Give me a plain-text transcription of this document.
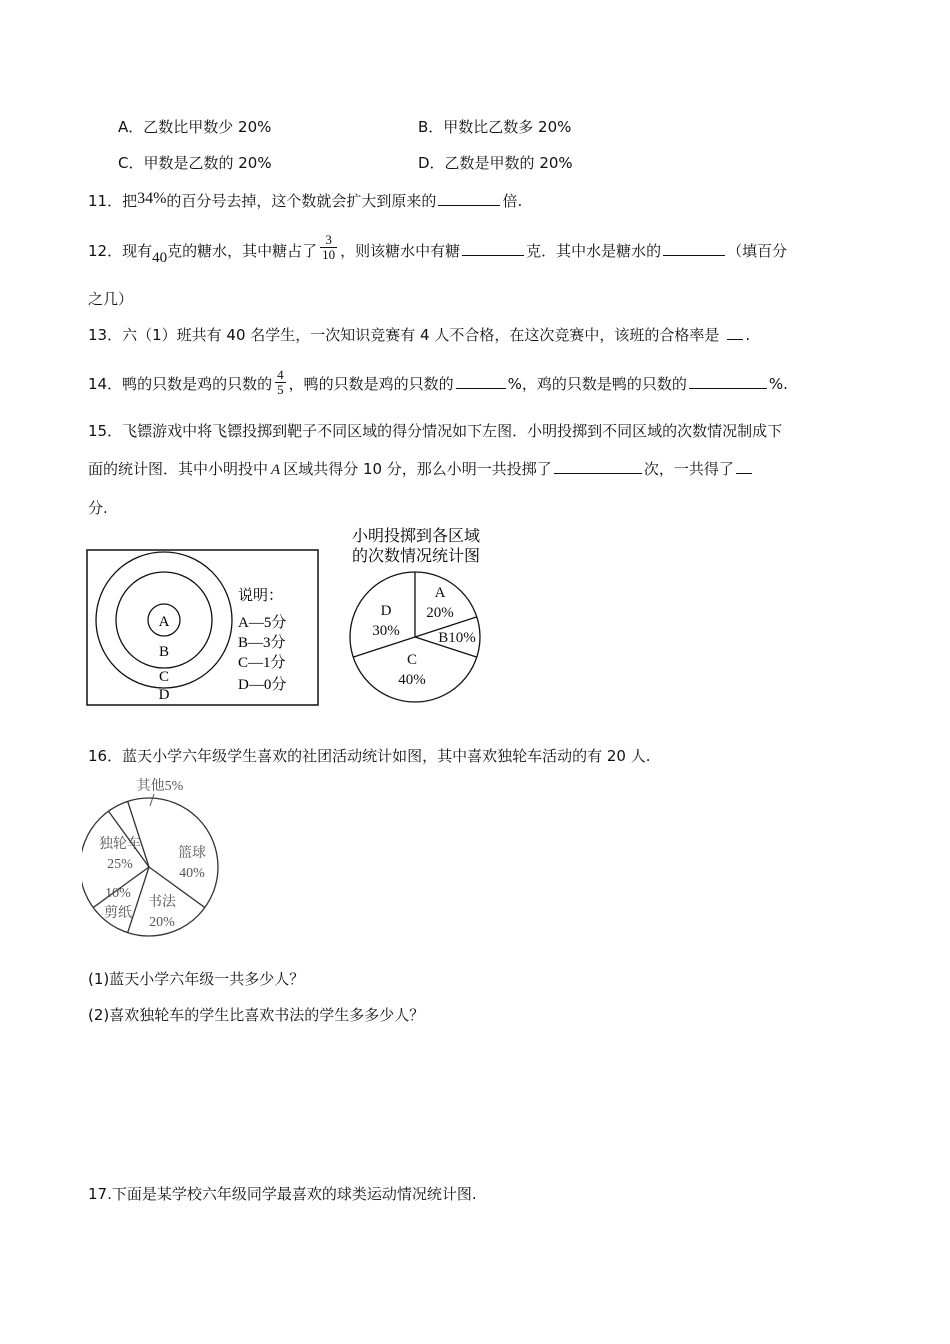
A．乙数比甲数少 20%	B．甲数比乙数多 20%
C．甲数是乙数的 20%	D．乙数是甲数的 20%
11．把34%的百分号去掉，这个数就会扩大到原来的	倍.
12．现有40克的糖水，其中糖占了 $\frac{3}{10}$ ，则该糖水中有糖	克．其中水是糖水的	（填百分
之几）
13．六（1）班共有 40 名学生，一次知识竞赛有 4 人不合格，在这次竞赛中，该班的合格率是 .
14．鸭的只数是鸡的只数的 $\frac{4}{5}$ ，鸭的只数是鸡的只数的	%，鸡的只数是鸭的只数的	%.
15．飞镖游戏中将飞镖投掷到靶子不同区域的得分情况如下左图．小明投掷到不同区域的次数情况制成下
面的统计图．其中小明投中 A 区域共得分 10 分，那么小明一共投掷了	次，一共得了
分.
A
B
C
D
说明：
A—5分
B—3分
C—1分
D—0分
小明投掷到各区域
的次数情况统计图
A
20%
B10%
C
40%
D
30%
16．蓝天小学六年级学生喜欢的社团活动统计如图，其中喜欢独轮车活动的有 20 人.
篮球
40%
书法
20%
10%
剪纸
独轮车
25%
其他5%
(1)蓝天小学六年级一共多少人？
(2)喜欢独轮车的学生比喜欢书法的学生多多少人？
17.下面是某学校六年级同学最喜欢的球类运动情况统计图.
